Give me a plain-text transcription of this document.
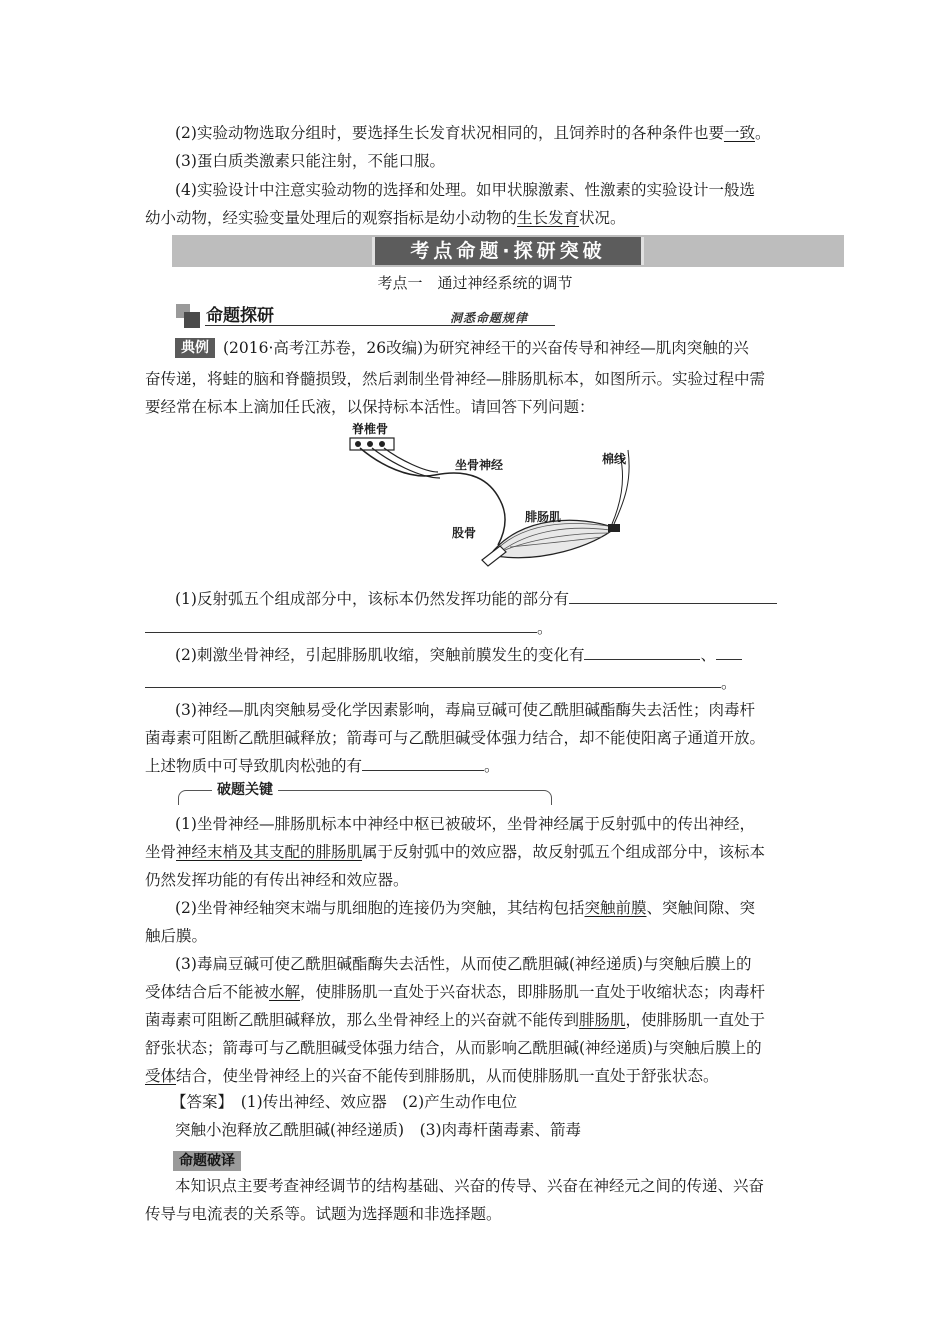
(2)实验动物选取分组时，要选择生长发育状况相同的，且饲养时的各种条件也要一致。
(3)蛋白质类激素只能注射，不能口服。
(4)实验设计中注意实验动物的选择和处理。如甲状腺激素、性激素的实验设计一般选
幼小动物，经实验变量处理后的观察指标是幼小动物的生长发育状况。
考点命题·探研突破
考点一　通过神经系统的调节
命题探研	洞悉命题规律
典例 (2016·高考江苏卷，26改编)为研究神经干的兴奋传导和神经—肌肉突触的兴
奋传递，将蛙的脑和脊髓损毁，然后剥制坐骨神经—腓肠肌标本，如图所示。实验过程中需
要经常在标本上滴加任氏液，以保持标本活性。请回答下列问题：
脊椎骨
坐骨神经	棉线
腓肠肌
股骨
(1)反射弧五个组成部分中，该标本仍然发挥功能的部分有
。
(2)刺激坐骨神经，引起腓肠肌收缩，突触前膜发生的变化有	、
。
(3)神经—肌肉突触易受化学因素影响，毒扁豆碱可使乙酰胆碱酯酶失去活性；肉毒杆
菌毒素可阻断乙酰胆碱释放；箭毒可与乙酰胆碱受体强力结合，却不能使阳离子通道开放。
上述物质中可导致肌肉松弛的有	。
破题关键
(1)坐骨神经—腓肠肌标本中神经中枢已被破坏，坐骨神经属于反射弧中的传出神经，
坐骨神经末梢及其支配的腓肠肌属于反射弧中的效应器，故反射弧五个组成部分中，该标本
仍然发挥功能的有传出神经和效应器。
(2)坐骨神经轴突末端与肌细胞的连接仍为突触，其结构包括突触前膜、突触间隙、突
触后膜。
(3)毒扁豆碱可使乙酰胆碱酯酶失去活性，从而使乙酰胆碱(神经递质)与突触后膜上的
受体结合后不能被水解，使腓肠肌一直处于兴奋状态，即腓肠肌一直处于收缩状态；肉毒杆
菌毒素可阻断乙酰胆碱释放，那么坐骨神经上的兴奋就不能传到腓肠肌，使腓肠肌一直处于
舒张状态；箭毒可与乙酰胆碱受体强力结合，从而影响乙酰胆碱(神经递质)与突触后膜上的
受体结合，使坐骨神经上的兴奋不能传到腓肠肌，从而使腓肠肌一直处于舒张状态。
【答案】　(1)传出神经、效应器　(2)产生动作电位
突触小泡释放乙酰胆碱(神经递质)　(3)肉毒杆菌毒素、箭毒
命题破译
本知识点主要考查神经调节的结构基础、兴奋的传导、兴奋在神经元之间的传递、兴奋
传导与电流表的关系等。试题为选择题和非选择题。
